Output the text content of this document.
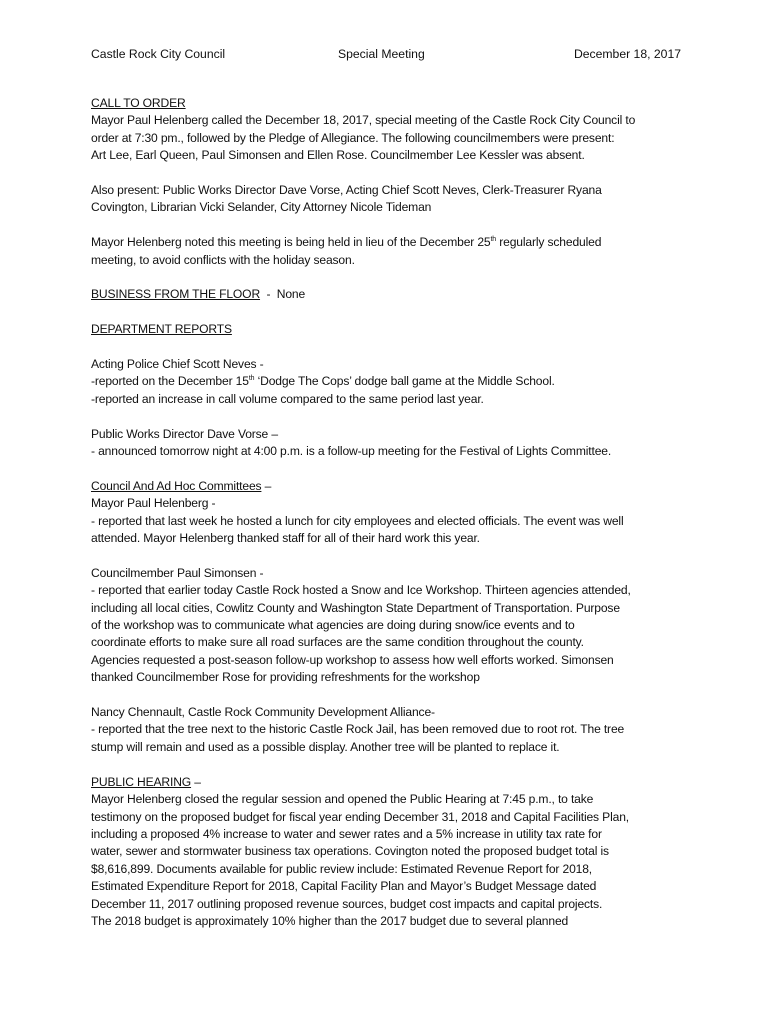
Castle Rock City Council	Special Meeting	December 18, 2017

CALL TO ORDER
Mayor Paul Helenberg called the December 18, 2017, special meeting of the Castle Rock City Council to
order at 7:30 pm., followed by the Pledge of Allegiance. The following councilmembers were present:
Art Lee, Earl Queen, Paul Simonsen and Ellen Rose. Councilmember Lee Kessler was absent.

Also present: Public Works Director Dave Vorse, Acting Chief Scott Neves, Clerk-Treasurer Ryana
Covington, Librarian Vicki Selander, City Attorney Nicole Tideman

Mayor Helenberg noted this meeting is being held in lieu of the December 25th regularly scheduled
meeting, to avoid conflicts with the holiday season.

BUSINESS FROM THE FLOOR  -  None

DEPARTMENT REPORTS

Acting Police Chief Scott Neves -
-reported on the December 15th ‘Dodge The Cops’ dodge ball game at the Middle School.
-reported an increase in call volume compared to the same period last year.

Public Works Director Dave Vorse –
- announced tomorrow night at 4:00 p.m. is a follow-up meeting for the Festival of Lights Committee.

Council And Ad Hoc Committees –
Mayor Paul Helenberg -
- reported that last week he hosted a lunch for city employees and elected officials. The event was well
attended. Mayor Helenberg thanked staff for all of their hard work this year.

Councilmember Paul Simonsen -
- reported that earlier today Castle Rock hosted a Snow and Ice Workshop. Thirteen agencies attended,
including all local cities, Cowlitz County and Washington State Department of Transportation. Purpose
of the workshop was to communicate what agencies are doing during snow/ice events and to
coordinate efforts to make sure all road surfaces are the same condition throughout the county.
Agencies requested a post-season follow-up workshop to assess how well efforts worked. Simonsen
thanked Councilmember Rose for providing refreshments for the workshop

Nancy Chennault, Castle Rock Community Development Alliance-
- reported that the tree next to the historic Castle Rock Jail, has been removed due to root rot. The tree
stump will remain and used as a possible display. Another tree will be planted to replace it.

PUBLIC HEARING –
Mayor Helenberg closed the regular session and opened the Public Hearing at 7:45 p.m., to take
testimony on the proposed budget for fiscal year ending December 31, 2018 and Capital Facilities Plan,
including a proposed 4% increase to water and sewer rates and a 5% increase in utility tax rate for
water, sewer and stormwater business tax operations. Covington noted the proposed budget total is
$8,616,899. Documents available for public review include: Estimated Revenue Report for 2018,
Estimated Expenditure Report for 2018, Capital Facility Plan and Mayor’s Budget Message dated
December 11, 2017 outlining proposed revenue sources, budget cost impacts and capital projects.
The 2018 budget is approximately 10% higher than the 2017 budget due to several planned
